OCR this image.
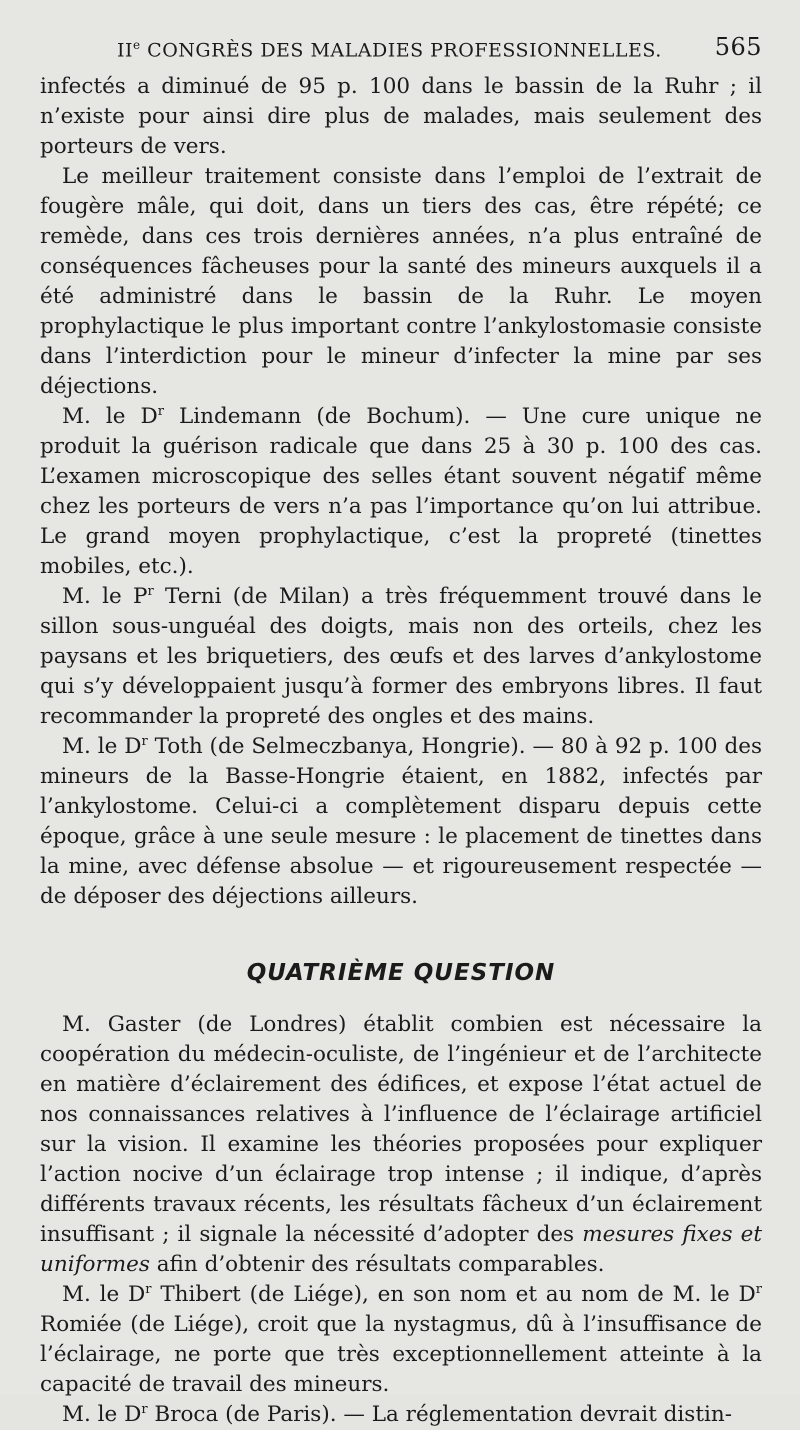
IIe CONGRÈS DES MALADIES PROFESSIONNELLES. 565

infectés a diminué de 95 p. 100 dans le bassin de la Ruhr ; il n’existe pour ainsi dire plus de malades, mais seulement des porteurs de vers.

Le meilleur traitement consiste dans l’emploi de l’extrait de fougère mâle, qui doit, dans un tiers des cas, être répété; ce remède, dans ces trois dernières années, n’a plus entraîné de conséquences fâcheuses pour la santé des mineurs auxquels il a été administré dans le bassin de la Ruhr. Le moyen prophylactique le plus important contre l’ankylostomasie consiste dans l’interdiction pour le mineur d’infecter la mine par ses déjections.

M. le $D^r$ Lindemann (de Bochum). — Une cure unique ne produit la guérison radicale que dans 25 à 30 p. 100 des cas. L’examen microscopique des selles étant souvent négatif même chez les porteurs de vers n’a pas l’importance qu’on lui attribue. Le grand moyen prophylactique, c’est la propreté (tinettes mobiles, etc.).

M. le $P^r$ Terni (de Milan) a très fréquemment trouvé dans le sillon sous-unguéal des doigts, mais non des orteils, chez les paysans et les briquetiers, des œufs et des larves d’ankylostome qui s’y développaient jusqu’à former des embryons libres. Il faut recommander la propreté des ongles et des mains.

M. le $D^r$ Toth (de Selmeczbanya, Hongrie). — 80 à 92 p. 100 des mineurs de la Basse-Hongrie étaient, en 1882, infectés par l’ankylostome. Celui-ci a complètement disparu depuis cette époque, grâce à une seule mesure : le placement de tinettes dans la mine, avec défense absolue — et rigoureusement respectée — de déposer des déjections ailleurs.

QUATRIÈME QUESTION

M. Gaster (de Londres) établit combien est nécessaire la coopération du médecin-oculiste, de l’ingénieur et de l’architecte en matière d’éclairement des édifices, et expose l’état actuel de nos connaissances relatives à l’influence de l’éclairage artificiel sur la vision. Il examine les théories proposées pour expliquer l’action nocive d’un éclairage trop intense ; il indique, d’après différents travaux récents, les résultats fâcheux d’un éclairement insuffisant ; il signale la nécessité d’adopter des mesures fixes et uniformes afin d’obtenir des résultats comparables.

M. le $D^r$ Thibert (de Liége), en son nom et au nom de M. le $D^r$ Romiée (de Liége), croit que la nystagmus, dû à l’insuffisance de l’éclairage, ne porte que très exceptionnellement atteinte à la capacité de travail des mineurs.

M. le $D^r$ Broca (de Paris). — La réglementation devrait distin-
